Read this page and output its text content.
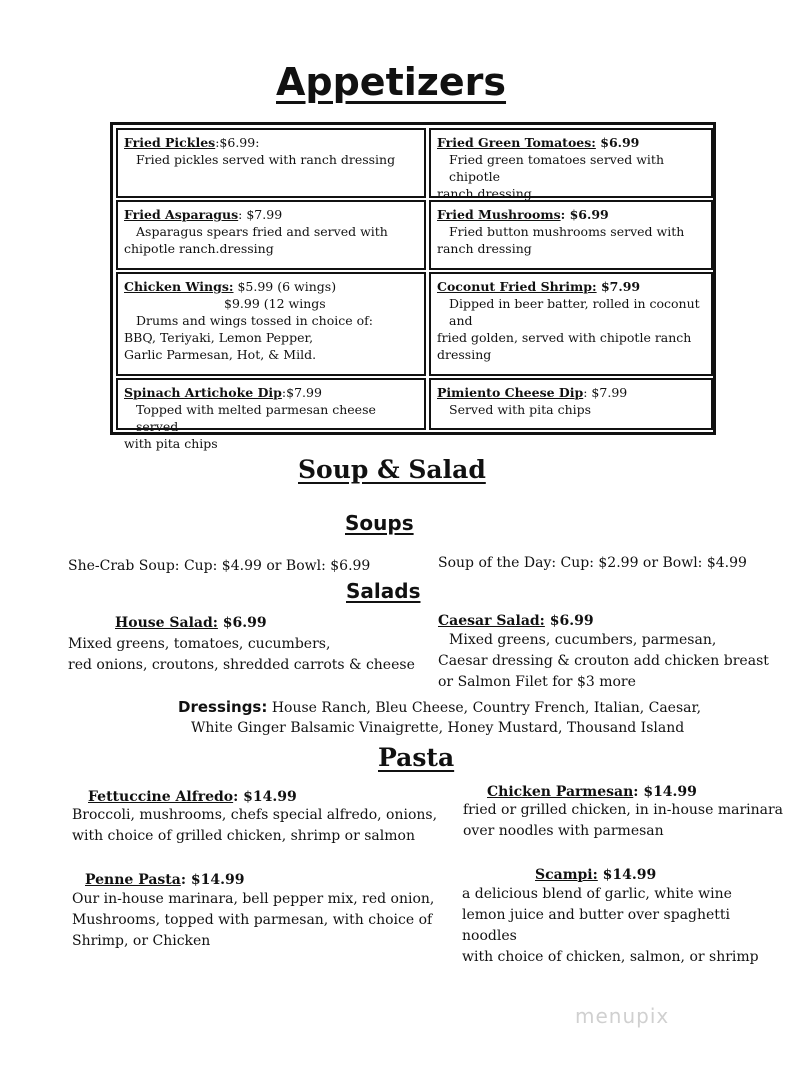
Appetizers
Fried Pickles:$6.99:
Fried pickles served with ranch dressing
Fried Green Tomatoes: $6.99
Fried green tomatoes served with chipotle
ranch dressing
Fried Asparagus: $7.99
Asparagus spears fried and served with
chipotle ranch.dressing
Fried Mushrooms: $6.99
Fried button mushrooms served with
ranch dressing
Chicken Wings: $5.99 (6 wings)
$9.99 (12 wings
Drums and wings tossed in choice of:
BBQ, Teriyaki, Lemon Pepper,
Garlic Parmesan, Hot, & Mild.
Coconut Fried Shrimp: $7.99
Dipped in beer batter, rolled in coconut and
fried golden, served with chipotle ranch
dressing
Spinach Artichoke Dip:$7.99
Topped with melted parmesan cheese served
with pita chips
Pimiento Cheese Dip: $7.99
Served with pita chips
Soup & Salad
Soups
She-Crab Soup: Cup: $4.99 or Bowl: $6.99	Soup of the Day: Cup: $2.99 or Bowl: $4.99
Salads
House Salad: $6.99
Mixed greens, tomatoes, cucumbers,
red onions, croutons, shredded carrots & cheese
Caesar Salad: $6.99
Mixed greens, cucumbers, parmesan,
Caesar dressing & crouton add chicken breast
or Salmon Filet for $3 more
Dressings: House Ranch, Bleu Cheese, Country French, Italian, Caesar,
White Ginger Balsamic Vinaigrette, Honey Mustard, Thousand Island
Pasta
Fettuccine Alfredo: $14.99
Broccoli, mushrooms, chefs special alfredo, onions,
with choice of grilled chicken, shrimp or salmon
Chicken Parmesan: $14.99
fried or grilled chicken, in in-house marinara
over noodles with parmesan
Penne Pasta: $14.99
Our in-house marinara, bell pepper mix, red onion,
Mushrooms, topped with parmesan, with choice of
Shrimp, or Chicken
Scampi: $14.99
a delicious blend of garlic, white wine
lemon juice and butter over spaghetti noodles
with choice of chicken, salmon, or shrimp
menupix
